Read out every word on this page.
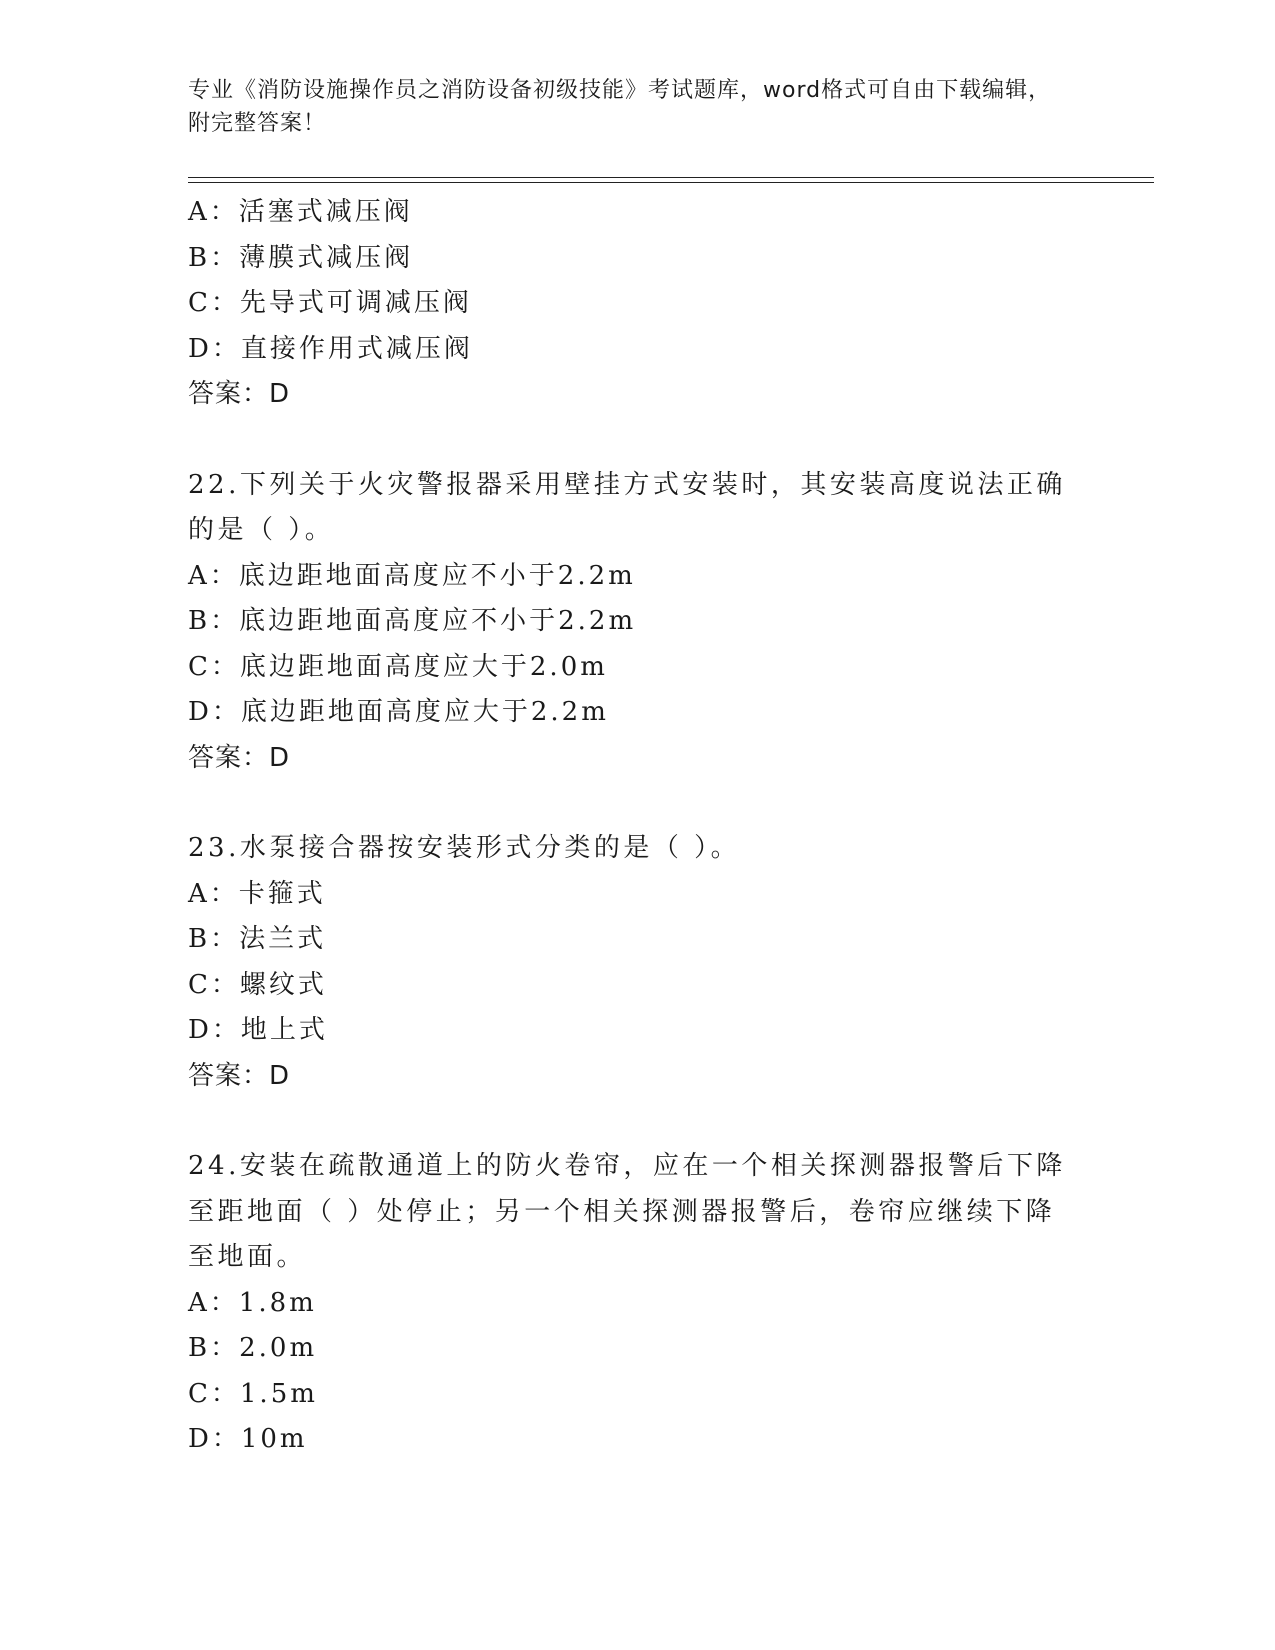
专业《消防设施操作员之消防设备初级技能》考试题库，word格式可自由下载编辑，附完整答案！
A：活塞式减压阀
B：薄膜式减压阀
C：先导式可调减压阀
D：直接作用式减压阀
答案：D
22.下列关于火灾警报器采用壁挂方式安装时，其安装高度说法正确的是（ ）。
A：底边距地面高度应不小于2.2m
B：底边距地面高度应不小于2.2m
C：底边距地面高度应大于2.0m
D：底边距地面高度应大于2.2m
答案：D
23.水泵接合器按安装形式分类的是（ ）。
A：卡箍式
B：法兰式
C：螺纹式
D：地上式
答案：D
24.安装在疏散通道上的防火卷帘，应在一个相关探测器报警后下降至距地面（ ）处停止；另一个相关探测器报警后，卷帘应继续下降至地面。
A：1.8m
B：2.0m
C：1.5m
D：10m
